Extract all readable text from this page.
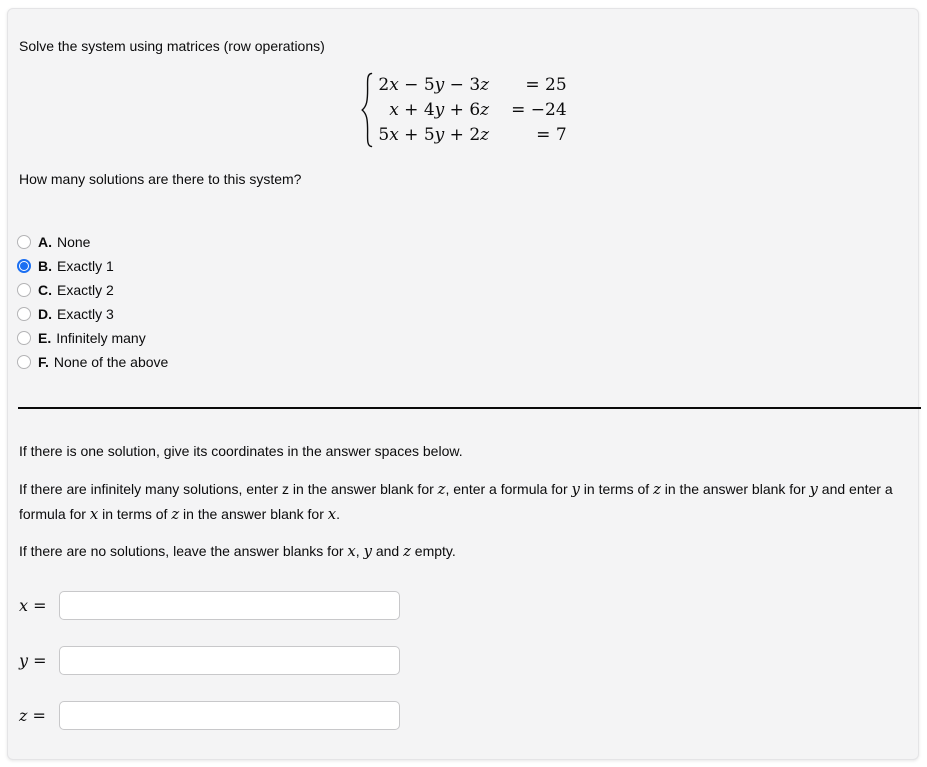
Solve the system using matrices (row operations)
2x − 5y − 3z	= 25
x + 4y + 6z = −24
5x + 5y + 2z	= 7
How many solutions are there to this system?
A. None
B. Exactly 1
C. Exactly 2
D. Exactly 3
E. Infinitely many
F. None of the above

If there is one solution, give its coordinates in the answer spaces below.

If there are infinitely many solutions, enter z in the answer blank for z, enter a formula for y in terms of z in the answer blank for y and enter a formula for x in terms of z in the answer blank for x.

If there are no solutions, leave the answer blanks for x, y and z empty.

x =
y =
z =
